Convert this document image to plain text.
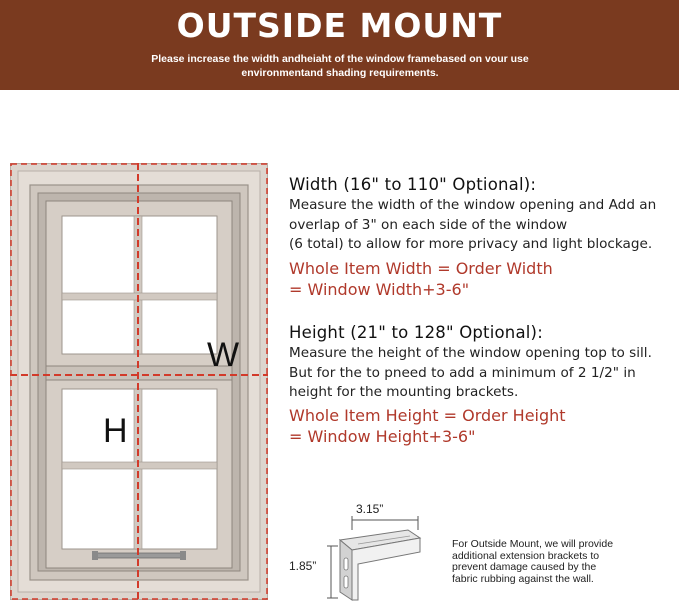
OUTSIDE MOUNT
Please increase the width andheiaht of the window framebased on vour use
environmentand shading requirements.
W
H
Width (16" to 110" Optional):
Measure the width of the window opening and Add an
overlap of 3" on each side of the window
(6 total) to allow for more privacy and light blockage.
Whole Item Width = Order Width
= Window Width+3-6"
Height (21" to 128" Optional):
Measure the height of the window opening top to sill.
But for the to pneed to add a minimum of 2 1/2" in
height for the mounting brackets.
Whole Item Height = Order Height
= Window Height+3-6"
3.15”
1.85”
For Outside Mount, we will provide
additional extension brackets to
prevent damage caused by the
fabric rubbing against the wall.
